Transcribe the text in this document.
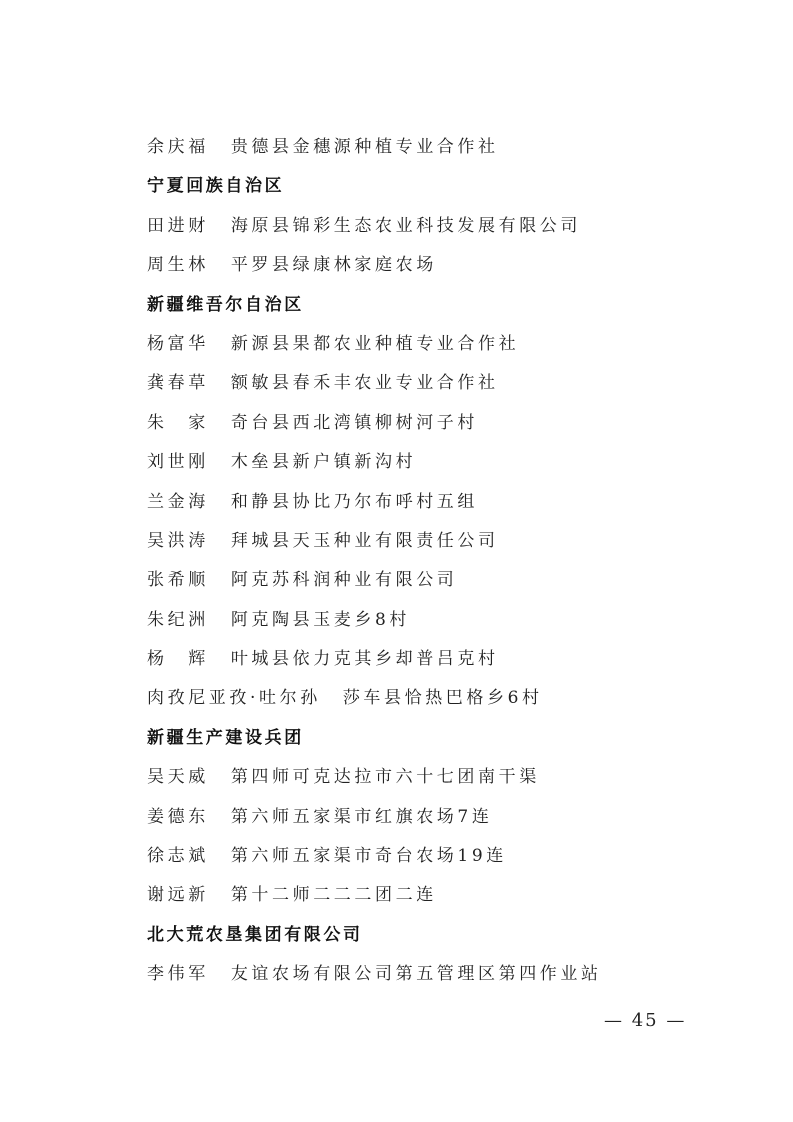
余庆福 贵德县金穗源种植专业合作社
宁夏回族自治区
田进财 海原县锦彩生态农业科技发展有限公司
周生林 平罗县绿康林家庭农场
新疆维吾尔自治区
杨富华 新源县果都农业种植专业合作社
龚春草 额敏县春禾丰农业专业合作社
朱　家 奇台县西北湾镇柳树河子村
刘世刚 木垒县新户镇新沟村
兰金海 和静县协比乃尔布呼村五组
吴洪涛 拜城县天玉种业有限责任公司
张希顺 阿克苏科润种业有限公司
朱纪洲 阿克陶县玉麦乡8村
杨　辉 叶城县依力克其乡却普吕克村
肉孜尼亚孜·吐尔孙 莎车县恰热巴格乡6村
新疆生产建设兵团
吴天威 第四师可克达拉市六十七团南干渠
姜德东 第六师五家渠市红旗农场7连
徐志斌 第六师五家渠市奇台农场19连
谢远新 第十二师二二二团二连
北大荒农垦集团有限公司
李伟军 友谊农场有限公司第五管理区第四作业站
— 45 —
